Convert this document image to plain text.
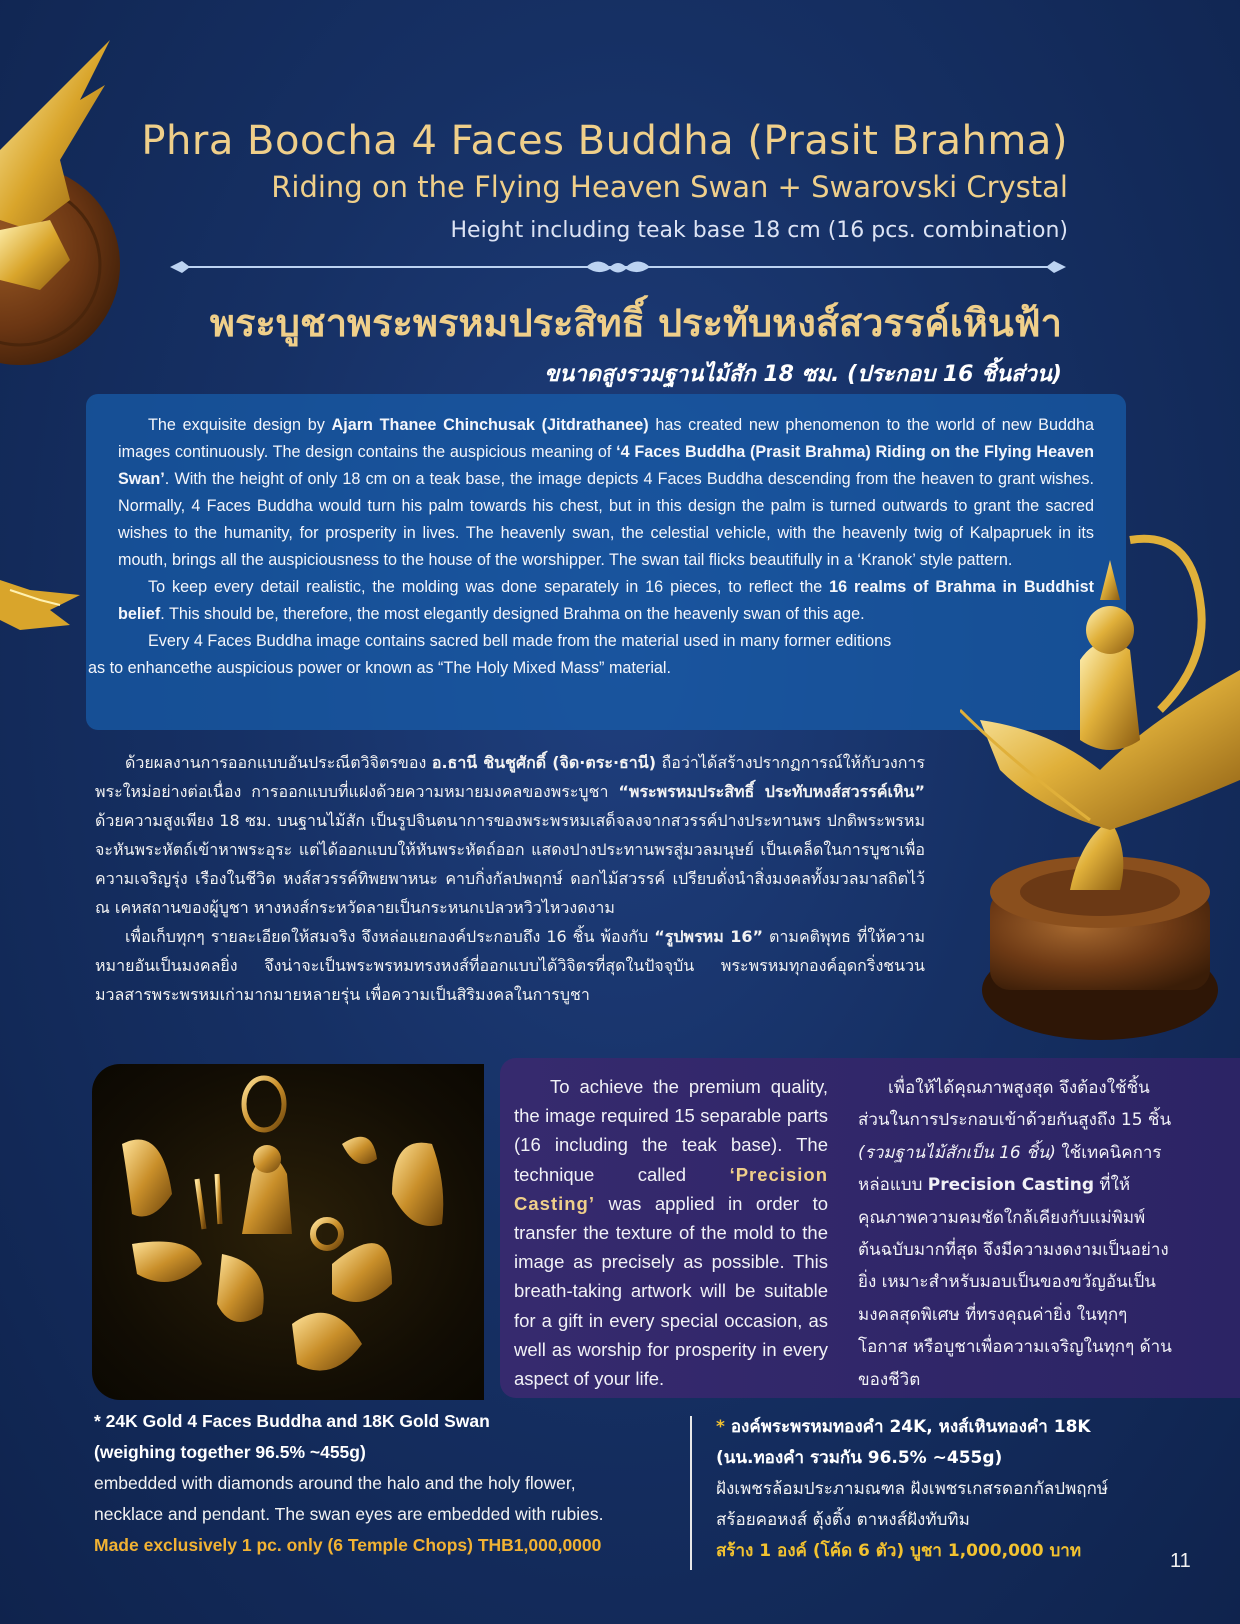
Phra Boocha 4 Faces Buddha (Prasit Brahma)
Riding on the Flying Heaven Swan + Swarovski Crystal
Height including teak base 18 cm (16 pcs. combination)
พระบูชาพระพรหมประสิทธิ์ ประทับหงส์สวรรค์เหินฟ้า
ขนาดสูงรวมฐานไม้สัก 18 ซม. (ประกอบ 16 ชิ้นส่วน)

The exquisite design by Ajarn Thanee Chinchusak (Jitdrathanee) has created new phenomenon to the world of new Buddha images continuously. The design contains the auspicious meaning of ‘4 Faces Buddha (Prasit Brahma) Riding on the Flying Heaven Swan’. With the height of only 18 cm on a teak base, the image depicts 4 Faces Buddha descending from the heaven to grant wishes. Normally, 4 Faces Buddha would turn his palm towards his chest, but in this design the palm is turned outwards to grant the sacred wishes to the humanity, for prosperity in lives. The heavenly swan, the celestial vehicle, with the heavenly twig of Kalpapruek in its mouth, brings all the auspiciousness to the house of the worshipper. The swan tail flicks beautifully in a ‘Kranok’ style pattern.

To keep every detail realistic, the molding was done separately in 16 pieces, to reflect the 16 realms of Brahma in Buddhist belief. This should be, therefore, the most elegantly designed Brahma on the heavenly swan of this age.

Every 4 Faces Buddha image contains sacred bell made from the material used in many former editions
as to enhancethe auspicious power or known as “The Holy Mixed Mass” material.

ด้วยผลงานการออกแบบอันประณีตวิจิตรของ อ.ธานี ชินชูศักดิ์ (จิด·ตระ·ธานี) ถือว่าได้สร้างปรากฏการณ์ให้กับวงการพระใหม่อย่างต่อเนื่อง การออกแบบที่แฝงด้วยความหมายมงคลของพระบูชา “พระพรหมประสิทธิ์ ประทับหงส์สวรรค์เหิน” ด้วยความสูงเพียง 18 ซม. บนฐานไม้สัก เป็นรูปจินตนาการของพระพรหมเสด็จลงจากสวรรค์ปางประทานพร ปกติพระพรหมจะหันพระหัตถ์เข้าหาพระอุระ แต่ได้ออกแบบให้หันพระหัตถ์ออก แสดงปางประทานพรสู่มวลมนุษย์ เป็นเคล็ดในการบูชาเพื่อความเจริญรุ่ง เรืองในชีวิต หงส์สวรรค์ทิพยพาหนะ คาบกิ่งกัลปพฤกษ์ ดอกไม้สวรรค์ เปรียบดั่งนำสิ่งมงคลทั้งมวลมาสถิตไว้ ณ เคหสถานของผู้บูชา หางหงส์กระหวัดลายเป็นกระหนกเปลวหวิวไหวงดงาม

เพื่อเก็บทุกๆ รายละเอียดให้สมจริง จึงหล่อแยกองค์ประกอบถึง 16 ชิ้น พ้องกับ “รูปพรหม 16” ตามคติพุทธ ที่ให้ความหมายอันเป็นมงคลยิ่ง จึงน่าจะเป็นพระพรหมทรงหงส์ที่ออกแบบได้วิจิตรที่สุดในปัจจุบัน พระพรหมทุกองค์อุดกริ่งชนวนมวลสารพระพรหมเก่ามากมายหลายรุ่น เพื่อความเป็นสิริมงคลในการบูชา

To achieve the premium quality, the image required 15 separable parts (16 including the teak base). The technique called ‘Precision Casting’ was applied in order to transfer the texture of the mold to the image as precisely as possible. This breath-taking artwork will be suitable for a gift in every special occasion, as well as worship for prosperity in every aspect of your life.

เพื่อให้ได้คุณภาพสูงสุด จึงต้องใช้ชิ้นส่วนในการประกอบเข้าด้วยกันสูงถึง 15 ชิ้น (รวมฐานไม้สักเป็น 16 ชิ้น) ใช้เทคนิคการหล่อแบบ Precision Casting ที่ให้คุณภาพความคมชัดใกล้เคียงกับแม่พิมพ์ต้นฉบับมากที่สุด จึงมีความงดงามเป็นอย่างยิ่ง เหมาะสำหรับมอบเป็นของขวัญอันเป็นมงคลสุดพิเศษ ที่ทรงคุณค่ายิ่ง ในทุกๆ โอกาส หรือบูชาเพื่อความเจริญในทุกๆ ด้านของชีวิต

* 24K Gold 4 Faces Buddha and 18K Gold Swan
(weighing together 96.5% ~455g)
embedded with diamonds around the halo and the holy flower,
necklace and pendant. The swan eyes are embedded with rubies.
Made exclusively 1 pc. only (6 Temple Chops) THB1,000,0000
* องค์พระพรหมทองคำ 24K, หงส์เหินทองคำ 18K
(นน.ทองคำ รวมกัน 96.5% ~455g)
ฝังเพชรล้อมประภามณฑล ฝังเพชรเกสรดอกกัลปพฤกษ์
สร้อยคอหงส์ ตุ้งติ้ง ตาหงส์ฝังทับทิม
สร้าง 1 องค์ (โค้ด 6 ตัว) บูชา 1,000,000 บาท	11
